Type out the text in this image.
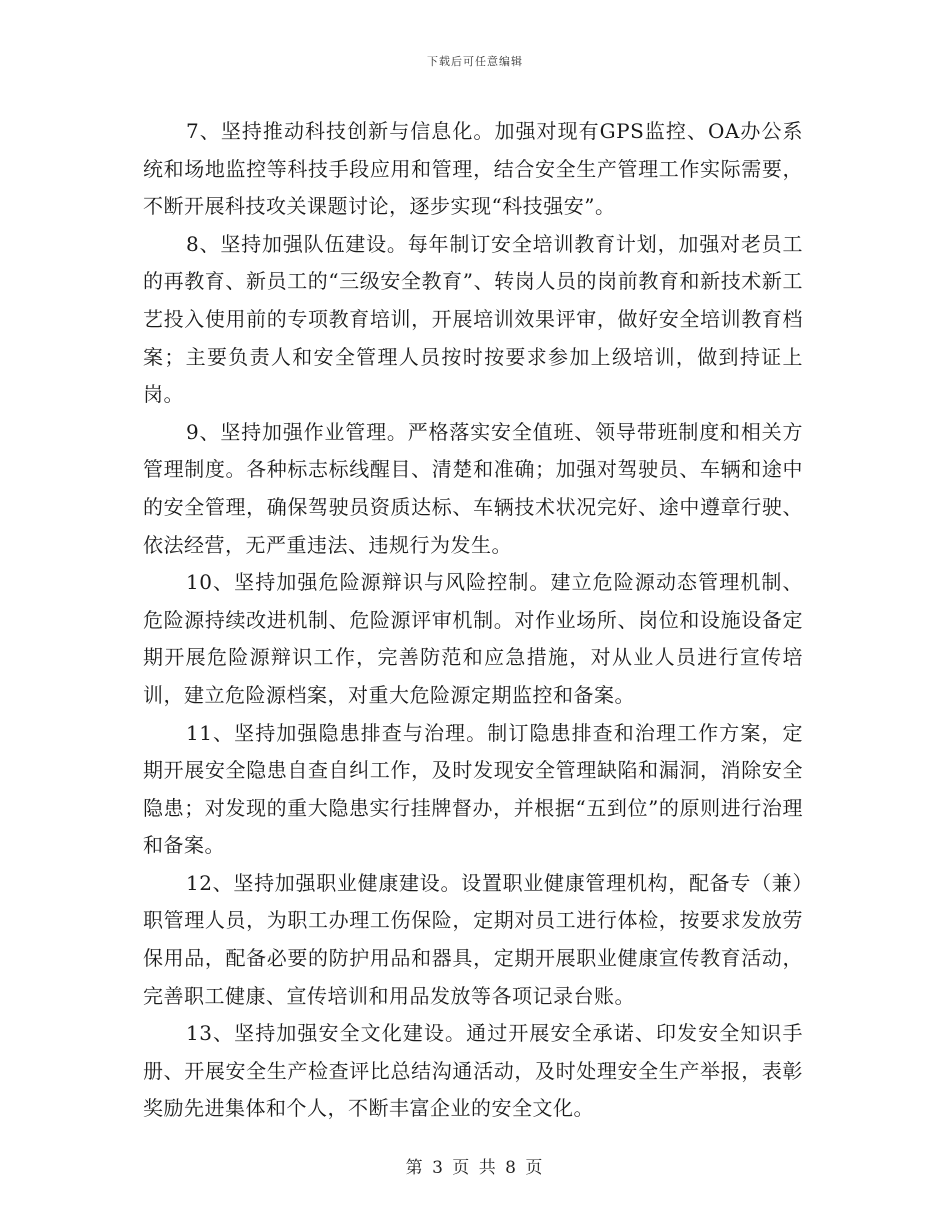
下载后可任意编辑

7、坚持推动科技创新与信息化。加强对现有GPS监控、OA办公系统和场地监控等科技手段应用和管理，结合安全生产管理工作实际需要，不断开展科技攻关课题讨论，逐步实现“科技强安”。

8、坚持加强队伍建设。每年制订安全培训教育计划，加强对老员工的再教育、新员工的“三级安全教育”、转岗人员的岗前教育和新技术新工艺投入使用前的专项教育培训，开展培训效果评审，做好安全培训教育档案；主要负责人和安全管理人员按时按要求参加上级培训，做到持证上岗。

9、坚持加强作业管理。严格落实安全值班、领导带班制度和相关方管理制度。各种标志标线醒目、清楚和准确；加强对驾驶员、车辆和途中的安全管理，确保驾驶员资质达标、车辆技术状况完好、途中遵章行驶、依法经营，无严重违法、违规行为发生。

10、坚持加强危险源辩识与风险控制。建立危险源动态管理机制、危险源持续改进机制、危险源评审机制。对作业场所、岗位和设施设备定期开展危险源辩识工作，完善防范和应急措施，对从业人员进行宣传培训，建立危险源档案，对重大危险源定期监控和备案。

11、坚持加强隐患排查与治理。制订隐患排查和治理工作方案，定期开展安全隐患自查自纠工作，及时发现安全管理缺陷和漏洞，消除安全隐患；对发现的重大隐患实行挂牌督办，并根据“五到位”的原则进行治理和备案。

12、坚持加强职业健康建设。设置职业健康管理机构，配备专（兼）职管理人员，为职工办理工伤保险，定期对员工进行体检，按要求发放劳保用品，配备必要的防护用品和器具，定期开展职业健康宣传教育活动，完善职工健康、宣传培训和用品发放等各项记录台账。

13、坚持加强安全文化建设。通过开展安全承诺、印发安全知识手册、开展安全生产检查评比总结沟通活动，及时处理安全生产举报，表彰奖励先进集体和个人，不断丰富企业的安全文化。

第 3 页 共 8 页
